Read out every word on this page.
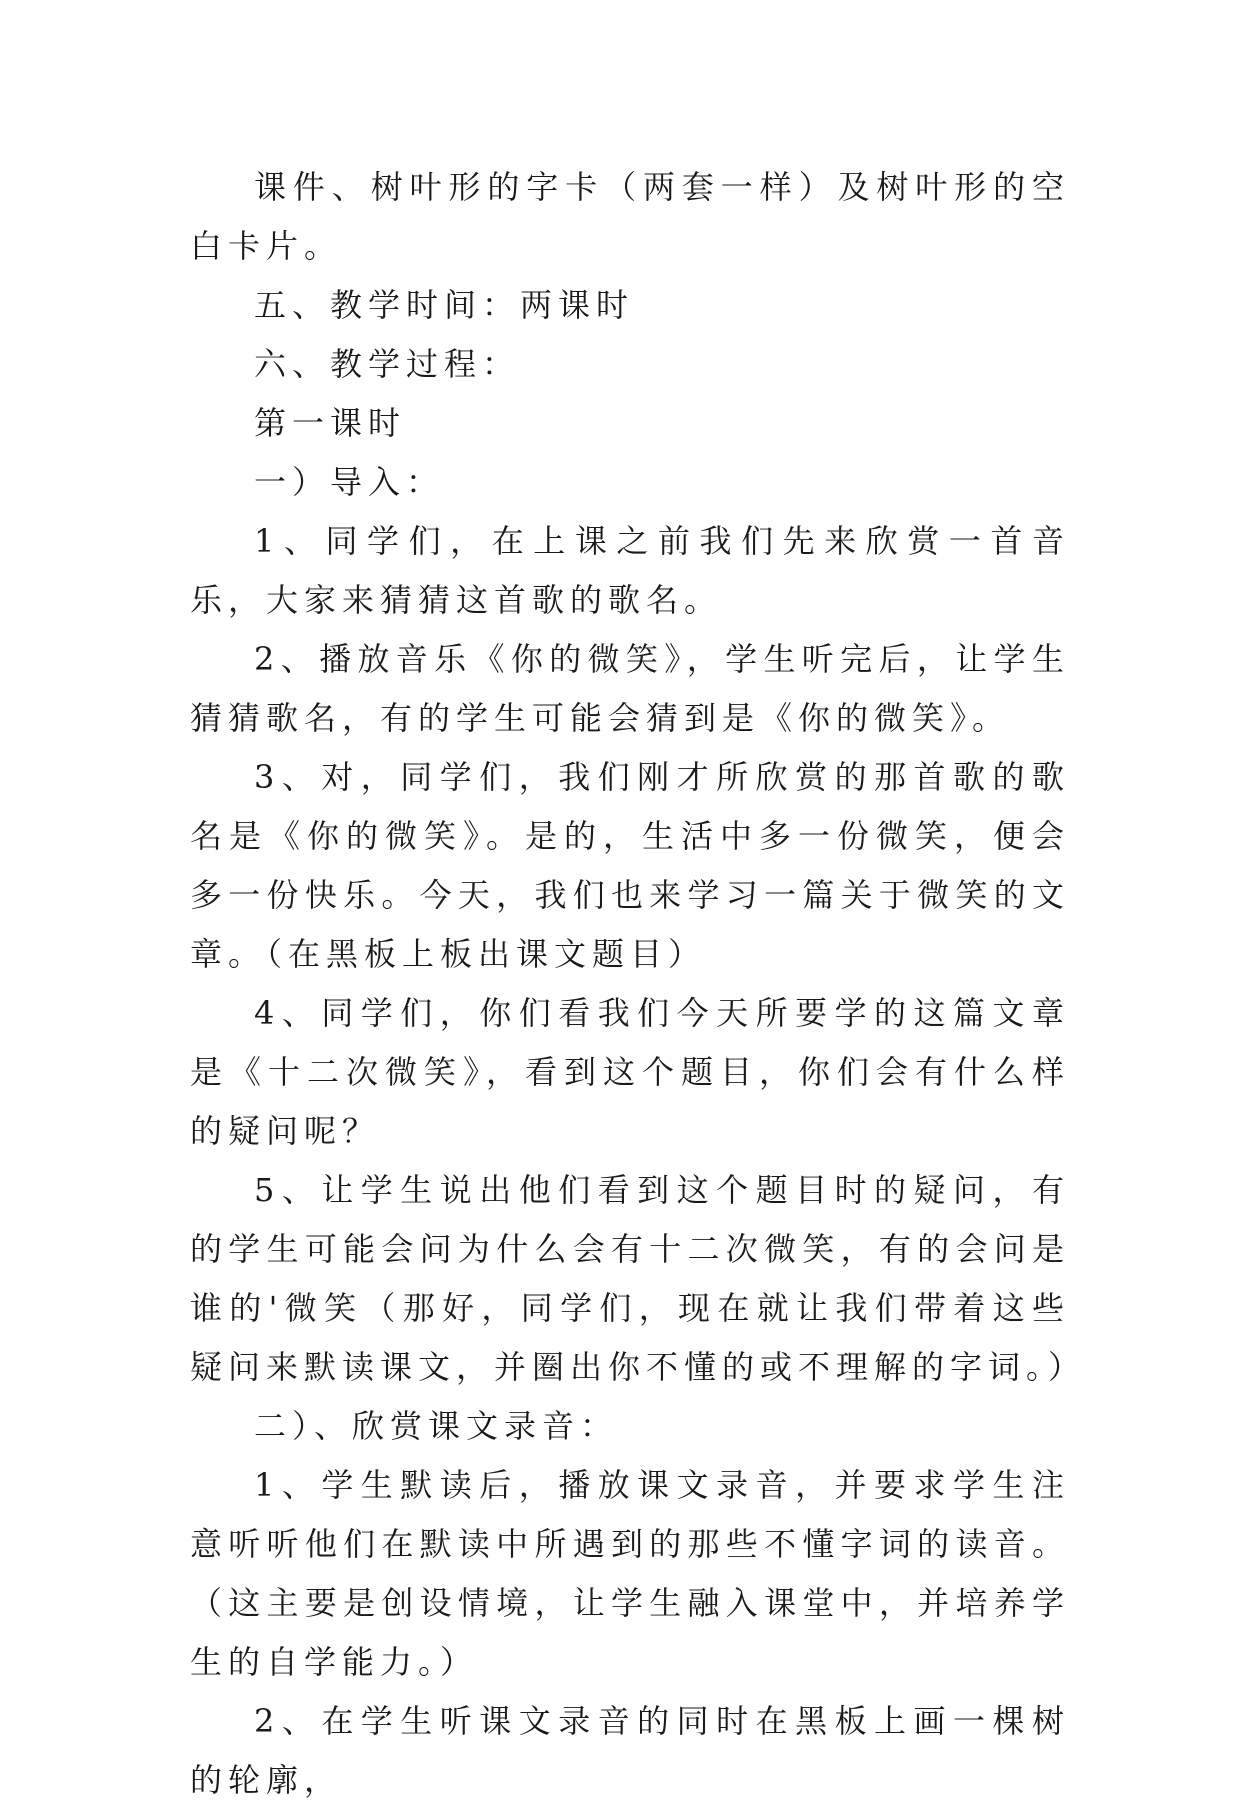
课件、树叶形的字卡（两套一样）及树叶形的空白卡片。

五、教学时间：两课时

六、教学过程：

第一课时

一）导入：

1、同学们，在上课之前我们先来欣赏一首音乐，大家来猜猜这首歌的歌名。

2、播放音乐《你的微笑》，学生听完后，让学生猜猜歌名，有的学生可能会猜到是《你的微笑》。

3、对，同学们，我们刚才所欣赏的那首歌的歌名是《你的微笑》。是的，生活中多一份微笑，便会多一份快乐。今天，我们也来学习一篇关于微笑的文章。（在黑板上板出课文题目）

4、同学们，你们看我们今天所要学的这篇文章是《十二次微笑》，看到这个题目，你们会有什么样的疑问呢？

5、让学生说出他们看到这个题目时的疑问，有的学生可能会问为什么会有十二次微笑，有的会问是谁的'微笑（那好，同学们，现在就让我们带着这些疑问来默读课文，并圈出你不懂的或不理解的字词。）

二）、欣赏课文录音：

1、学生默读后，播放课文录音，并要求学生注意听听他们在默读中所遇到的那些不懂字词的读音。（这主要是创设情境，让学生融入课堂中，并培养学生的自学能力。）

2、在学生听课文录音的同时在黑板上画一棵树的轮廓，
